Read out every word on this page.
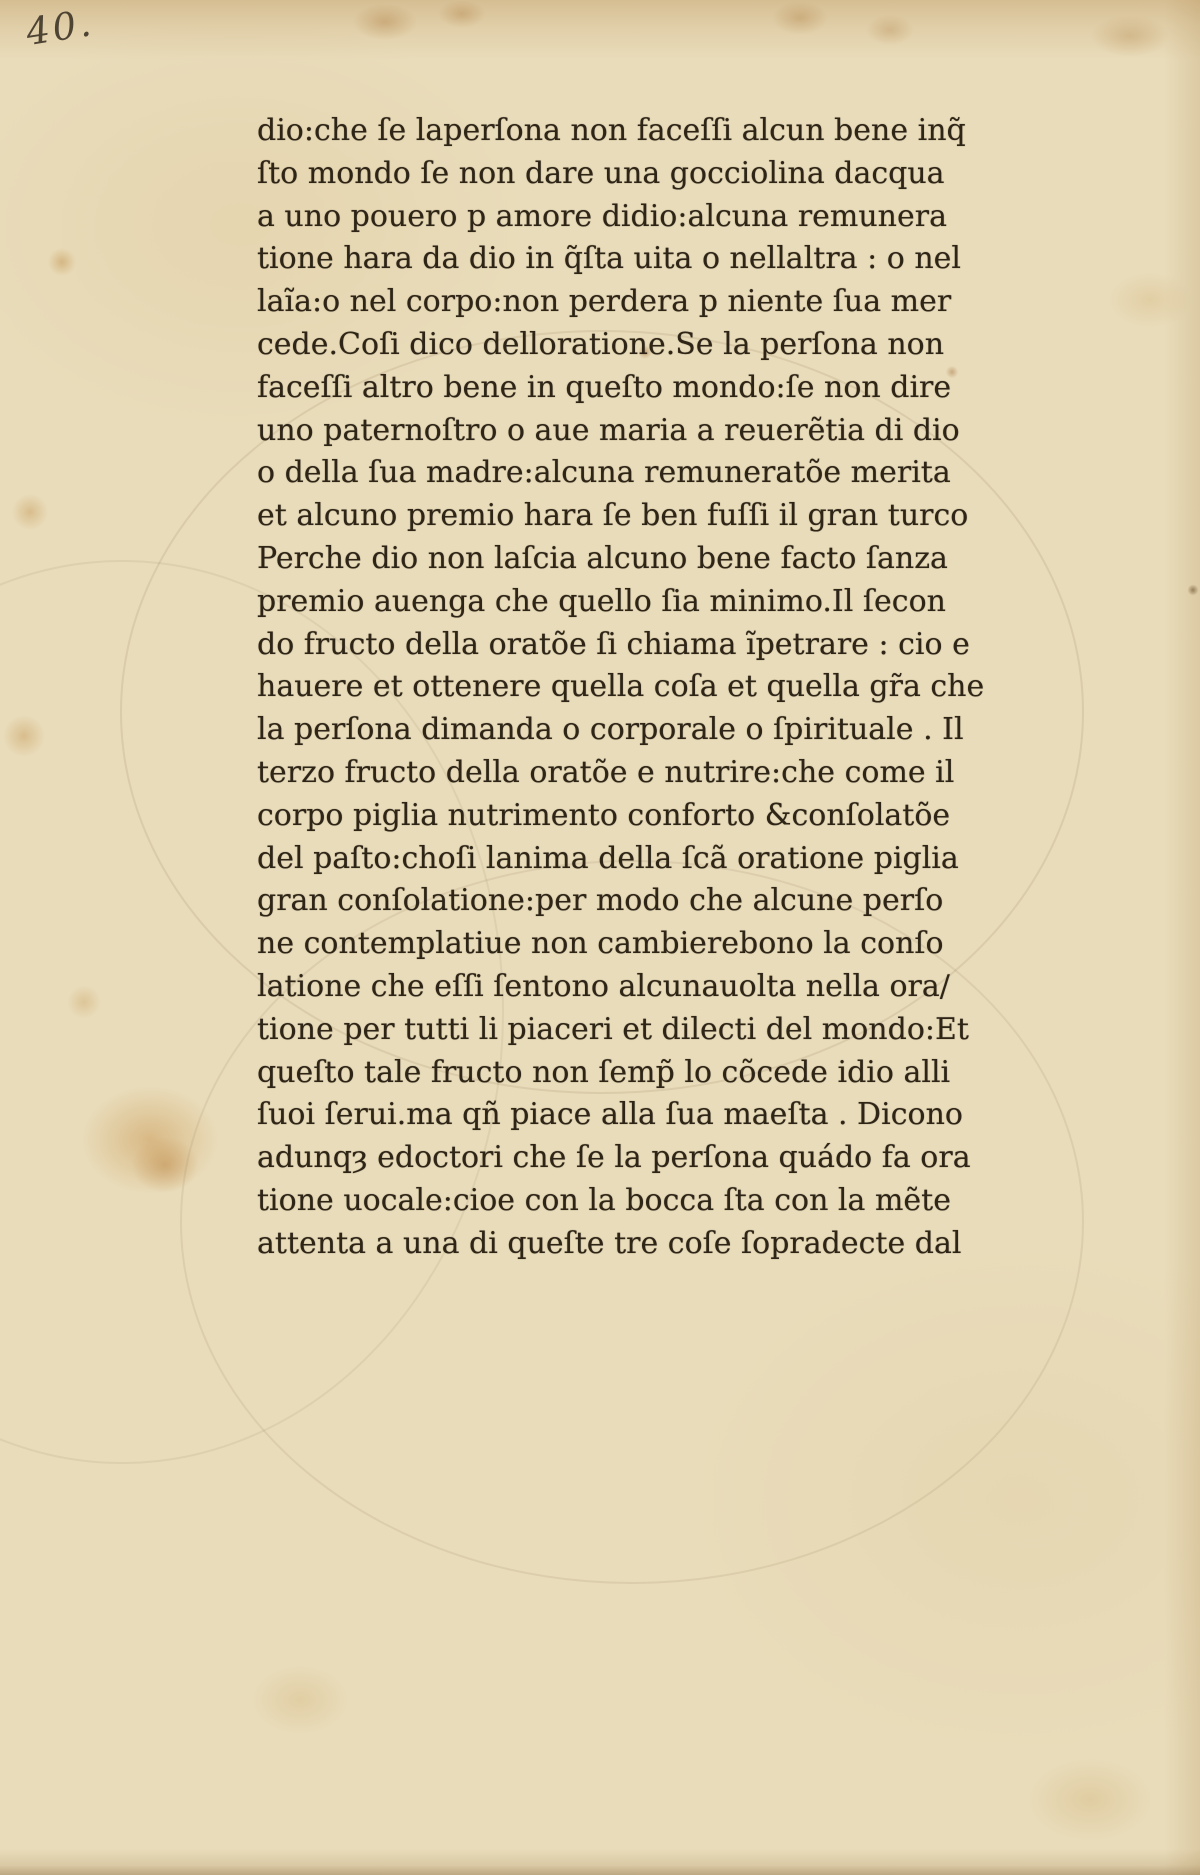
40.
dio:che ſe laperſona non faceſſi alcun bene inq̃
ſto mondo ſe non dare una gocciolina dacqua
a uno pouero p amore didio:alcuna remunera
tione hara da dio in q̃ſta uita o nellaltra : o nel
laĩa:o nel corpo:non perdera p niente ſua mer
cede.Coſi dico delloratione.Se la perſona non
faceſſi altro bene in queſto mondo:ſe non dire
uno paternoſtro o aue maria a reuerẽtia di dio
o della ſua madre:alcuna remuneratõe merita
et alcuno premio hara ſe ben fuſſi il gran turco
Perche dio non laſcia alcuno bene facto ſanza
premio auenga che quello ſia minimo.Il ſecon
do fructo della oratõe ſi chiama ĩpetrare : cio e
hauere et ottenere quella coſa et quella gr̃a che
la perſona dimanda o corporale o ſpirituale . Il
terzo fructo della oratõe e nutrire:che come il
corpo piglia nutrimento conforto &conſolatõe
del paſto:choſi lanima della ſcã oratione piglia
gran conſolatione:per modo che alcune perſo
ne contemplatiue non cambierebono la conſo
latione che eſſi ſentono alcunauolta nella ora/
tione per tutti li piaceri et dilecti del mondo:Et
queſto tale fructo non ſemp̃ lo cõcede idio alli
ſuoi ſerui.ma qñ piace alla ſua maeſta . Dicono
adunqȝ edoctori che ſe la perſona quádo fa ora
tione uocale:cioe con la bocca ſta con la mẽte
attenta a una di queſte tre coſe ſopradecte dal
